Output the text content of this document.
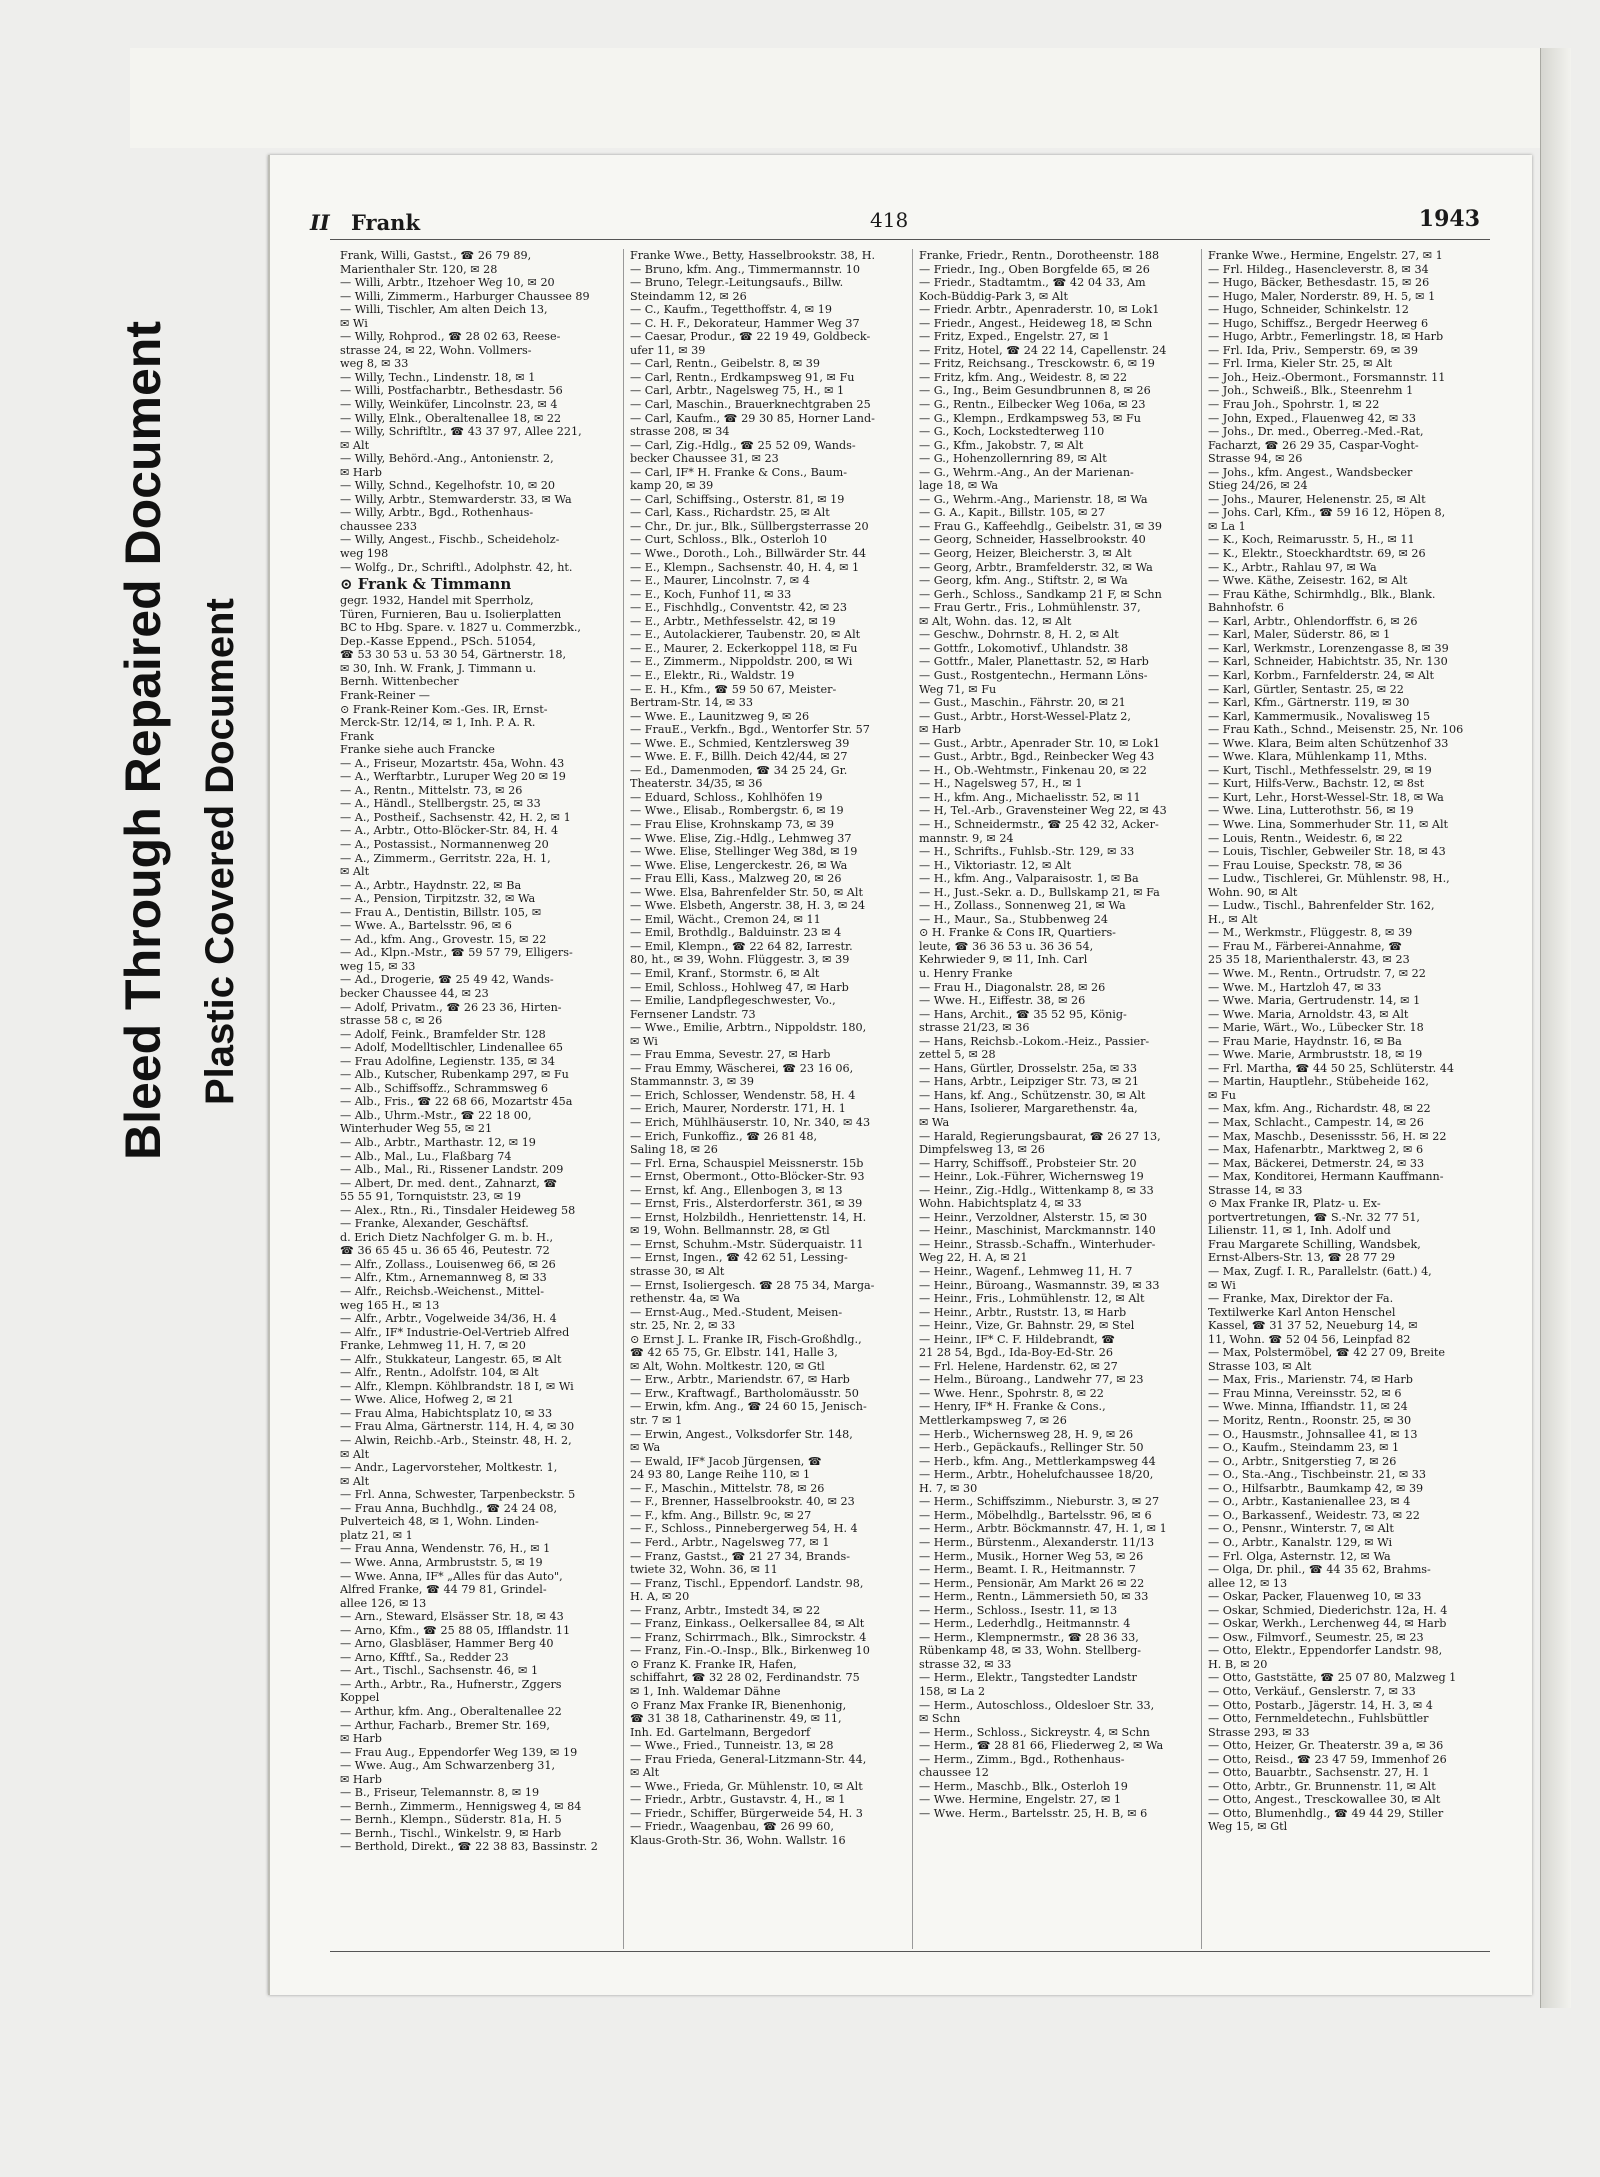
Bleed Through Repaired Document Plastic Covered Document
II Frank	418	1943
Frank, Willi, Gastst., ☎ 26 79 89,
Marienthaler Str. 120, ✉ 28
— Willi, Arbtr., Itzehoer Weg 10, ✉ 20
— Willi, Zimmerm., Harburger Chaussee 89
— Willi, Tischler, Am alten Deich 13,
✉ Wi
— Willy, Rohprod., ☎ 28 02 63, Reese-
strasse 24, ✉ 22, Wohn. Vollmers-
weg 8, ✉ 33
— Willy, Techn., Lindenstr. 18, ✉ 1
— Willi, Postfacharbtr., Bethesdastr. 56
— Willy, Weinküfer, Lincolnstr. 23, ✉ 4
— Willy, Elnk., Oberaltenallee 18, ✉ 22
— Willy, Schriftltr., ☎ 43 37 97, Allee 221,
✉ Alt
— Willy, Behörd.-Ang., Antonienstr. 2,
✉ Harb
— Willy, Schnd., Kegelhofstr. 10, ✉ 20
— Willy, Arbtr., Stemwarderstr. 33, ✉ Wa
— Willy, Arbtr., Bgd., Rothenhaus-
chaussee 233
— Willy, Angest., Fischb., Scheideholz-
weg 198
— Wolfg., Dr., Schriftl., Adolphstr. 42, ht.
⊙ Frank & Timmann
gegr. 1932, Handel mit Sperrholz,
Türen, Furnieren, Bau u. Isolierplatten
BC to Hbg. Spare. v. 1827 u. Commerzbk.,
Dep.-Kasse Eppend., PSch. 51054,
☎ 53 30 53 u. 53 30 54, Gärtnerstr. 18,
✉ 30, Inh. W. Frank, J. Timmann u.
Bernh. Wittenbecher
Frank-Reiner —
⊙ Frank-Reiner Kom.-Ges. IR, Ernst-
Merck-Str. 12/14, ✉ 1, Inh. P. A. R.
Frank
Franke siehe auch Francke
— A., Friseur, Mozartstr. 45a, Wohn. 43
— A., Werftarbtr., Luruper Weg 20 ✉ 19
— A., Rentn., Mittelstr. 73, ✉ 26
— A., Händl., Stellbergstr. 25, ✉ 33
— A., Postheif., Sachsenstr. 42, H. 2, ✉ 1
— A., Arbtr., Otto-Blöcker-Str. 84, H. 4
— A., Postassist., Normannenweg 20
— A., Zimmerm., Gerritstr. 22a, H. 1,
✉ Alt
— A., Arbtr., Haydnstr. 22, ✉ Ba
— A., Pension, Tirpitzstr. 32, ✉ Wa
— Frau A., Dentistin, Billstr. 105, ✉
— Wwe. A., Bartelsstr. 96, ✉ 6
— Ad., kfm. Ang., Grovestr. 15, ✉ 22
— Ad., Klpn.-Mstr., ☎ 59 57 79, Elligers-
weg 15, ✉ 33
— Ad., Drogerie, ☎ 25 49 42, Wands-
becker Chaussee 44, ✉ 23
— Adolf, Privatm., ☎ 26 23 36, Hirten-
strasse 58 c, ✉ 26
— Adolf, Feink., Bramfelder Str. 128
— Adolf, Modelltischler, Lindenallee 65
— Frau Adolfine, Legienstr. 135, ✉ 34
— Alb., Kutscher, Rubenkamp 297, ✉ Fu
— Alb., Schiffsoffz., Schrammsweg 6
— Alb., Fris., ☎ 22 68 66, Mozartstr 45a
— Alb., Uhrm.-Mstr., ☎ 22 18 00,
Winterhuder Weg 55, ✉ 21
— Alb., Arbtr., Marthastr. 12, ✉ 19
— Alb., Mal., Lu., Flaßbarg 74
— Alb., Mal., Ri., Rissener Landstr. 209
— Albert, Dr. med. dent., Zahnarzt, ☎
55 55 91, Tornquiststr. 23, ✉ 19
— Alex., Rtn., Ri., Tinsdaler Heideweg 58
— Franke, Alexander, Geschäftsf.
d. Erich Dietz Nachfolger G. m. b. H.,
☎ 36 65 45 u. 36 65 46, Peutestr. 72
— Alfr., Zollass., Louisenweg 66, ✉ 26
— Alfr., Ktm., Arnemannweg 8, ✉ 33
— Alfr., Reichsb.-Weichenst., Mittel-
weg 165 H., ✉ 13
— Alfr., Arbtr., Vogelweide 34/36, H. 4
— Alfr., IF* Industrie-Oel-Vertrieb Alfred
Franke, Lehmweg 11, H. 7, ✉ 20
— Alfr., Stukkateur, Langestr. 65, ✉ Alt
— Alfr., Rentn., Adolfstr. 104, ✉ Alt
— Alfr., Klempn. Köhlbrandstr. 18 I, ✉ Wi
— Wwe. Alice, Hofweg 2, ✉ 21
— Frau Alma, Habichtsplatz 10, ✉ 33
— Frau Alma, Gärtnerstr. 114, H. 4, ✉ 30
— Alwin, Reichb.-Arb., Steinstr. 48, H. 2,
✉ Alt
— Andr., Lagervorsteher, Moltkestr. 1,
✉ Alt
— Frl. Anna, Schwester, Tarpenbeckstr. 5
— Frau Anna, Buchhdlg., ☎ 24 24 08,
Pulverteich 48, ✉ 1, Wohn. Linden-
platz 21, ✉ 1
— Frau Anna, Wendenstr. 76, H., ✉ 1
— Wwe. Anna, Armbruststr. 5, ✉ 19
— Wwe. Anna, IF* „Alles für das Auto",
Alfred Franke, ☎ 44 79 81, Grindel-
allee 126, ✉ 13
— Arn., Steward, Elsässer Str. 18, ✉ 43
— Arno, Kfm., ☎ 25 88 05, Ifflandstr. 11
— Arno, Glasbläser, Hammer Berg 40
— Arno, Kfftf., Sa., Redder 23
— Art., Tischl., Sachsenstr. 46, ✉ 1
— Arth., Arbtr., Ra., Hufnerstr., Zggers
Koppel
— Arthur, kfm. Ang., Oberaltenallee 22
— Arthur, Facharb., Bremer Str. 169,
✉ Harb
— Frau Aug., Eppendorfer Weg 139, ✉ 19
— Wwe. Aug., Am Schwarzenberg 31,
✉ Harb
— B., Friseur, Telemannstr. 8, ✉ 19
— Bernh., Zimmerm., Hennigsweg 4, ✉ 84
— Bernh., Klempn., Süderstr. 81a, H. 5
— Bernh., Tischl., Winkelstr. 9, ✉ Harb
— Berthold, Direkt., ☎ 22 38 83, Bassinstr. 2
Franke Wwe., Betty, Hasselbrookstr. 38, H.
— Bruno, kfm. Ang., Timmermannstr. 10
— Bruno, Telegr.-Leitungsaufs., Billw.
Steindamm 12, ✉ 26
— C., Kaufm., Tegetthoffstr. 4, ✉ 19
— C. H. F., Dekorateur, Hammer Weg 37
— Caesar, Produr., ☎ 22 19 49, Goldbeck-
ufer 11, ✉ 39
— Carl, Rentn., Geibelstr. 8, ✉ 39
— Carl, Rentn., Erdkampsweg 91, ✉ Fu
— Carl, Arbtr., Nagelsweg 75, H., ✉ 1
— Carl, Maschin., Brauerknechtgraben 25
— Carl, Kaufm., ☎ 29 30 85, Horner Land-
strasse 208, ✉ 34
— Carl, Zig.-Hdlg., ☎ 25 52 09, Wands-
becker Chaussee 31, ✉ 23
— Carl, IF* H. Franke & Cons., Baum-
kamp 20, ✉ 39
— Carl, Schiffsing., Osterstr. 81, ✉ 19
— Carl, Kass., Richardstr. 25, ✉ Alt
— Chr., Dr. jur., Blk., Süllbergsterrasse 20
— Curt, Schloss., Blk., Osterloh 10
— Wwe., Doroth., Loh., Billwärder Str. 44
— E., Klempn., Sachsenstr. 40, H. 4, ✉ 1
— E., Maurer, Lincolnstr. 7, ✉ 4
— E., Koch, Funhof 11, ✉ 33
— E., Fischhdlg., Conventstr. 42, ✉ 23
— E., Arbtr., Methfesselstr. 42, ✉ 19
— E., Autolackierer, Taubenstr. 20, ✉ Alt
— E., Maurer, 2. Eckerkoppel 118, ✉ Fu
— E., Zimmerm., Nippoldstr. 200, ✉ Wi
— E., Elektr., Ri., Waldstr. 19
— E. H., Kfm., ☎ 59 50 67, Meister-
Bertram-Str. 14, ✉ 33
— Wwe. E., Launitzweg 9, ✉ 26
— FrauE., Verkfn., Bgd., Wentorfer Str. 57
— Wwe. E., Schmied, Kentzlersweg 39
— Wwe. E. F., Billh. Deich 42/44, ✉ 27
— Ed., Damenmoden, ☎ 34 25 24, Gr.
Theaterstr. 34/35, ✉ 36
— Eduard, Schloss., Kohlhöfen 19
— Wwe., Elisab., Rombergstr. 6, ✉ 19
— Frau Elise, Krohnskamp 73, ✉ 39
— Wwe. Elise, Zig.-Hdlg., Lehmweg 37
— Wwe. Elise, Stellinger Weg 38d, ✉ 19
— Wwe. Elise, Lengerckestr. 26, ✉ Wa
— Frau Elli, Kass., Malzweg 20, ✉ 26
— Wwe. Elsa, Bahrenfelder Str. 50, ✉ Alt
— Wwe. Elsbeth, Angerstr. 38, H. 3, ✉ 24
— Emil, Wächt., Cremon 24, ✉ 11
— Emil, Brothdlg., Balduinstr. 23 ✉ 4
— Emil, Klempn., ☎ 22 64 82, Iarrestr.
80, ht., ✉ 39, Wohn. Flüggestr. 3, ✉ 39
— Emil, Kranf., Stormstr. 6, ✉ Alt
— Emil, Schloss., Hohlweg 47, ✉ Harb
— Emilie, Landpflegeschwester, Vo.,
Fernsener Landstr. 73
— Wwe., Emilie, Arbtrn., Nippoldstr. 180,
✉ Wi
— Frau Emma, Sevestr. 27, ✉ Harb
— Frau Emmy, Wäscherei, ☎ 23 16 06,
Stammannstr. 3, ✉ 39
— Erich, Schlosser, Wendenstr. 58, H. 4
— Erich, Maurer, Norderstr. 171, H. 1
— Erich, Mühlhäuserstr. 10, Nr. 340, ✉ 43
— Erich, Funkoffiz., ☎ 26 81 48,
Saling 18, ✉ 26
— Frl. Erna, Schauspiel Meissnerstr. 15b
— Ernst, Obermont., Otto-Blöcker-Str. 93
— Ernst, kf. Ang., Ellenbogen 3, ✉ 13
— Ernst, Fris., Alsterdorferstr. 361, ✉ 39
— Ernst, Holzbildh., Henriettenstr. 14, H.
✉ 19, Wohn. Bellmannstr. 28, ✉ Gtl
— Ernst, Schuhm.-Mstr. Süderquaistr. 11
— Ernst, Ingen., ☎ 42 62 51, Lessing-
strasse 30, ✉ Alt
— Ernst, Isoliergesch. ☎ 28 75 34, Marga-
rethenstr. 4a, ✉ Wa
— Ernst-Aug., Med.-Student, Meisen-
str. 25, Nr. 2, ✉ 33
⊙ Ernst J. L. Franke IR, Fisch-Großhdlg.,
☎ 42 65 75, Gr. Elbstr. 141, Halle 3,
✉ Alt, Wohn. Moltkestr. 120, ✉ Gtl
— Erw., Arbtr., Mariendstr. 67, ✉ Harb
— Erw., Kraftwagf., Bartholomäusstr. 50
— Erwin, kfm. Ang., ☎ 24 60 15, Jenisch-
str. 7 ✉ 1
— Erwin, Angest., Volksdorfer Str. 148,
✉ Wa
— Ewald, IF* Jacob Jürgensen, ☎
24 93 80, Lange Reihe 110, ✉ 1
— F., Maschin., Mittelstr. 78, ✉ 26
— F., Brenner, Hasselbrookstr. 40, ✉ 23
— F., kfm. Ang., Billstr. 9c, ✉ 27
— F., Schloss., Pinnebergerweg 54, H. 4
— Ferd., Arbtr., Nagelsweg 77, ✉ 1
— Franz, Gastst., ☎ 21 27 34, Brands-
twiete 32, Wohn. 36, ✉ 11
— Franz, Tischl., Eppendorf. Landstr. 98,
H. A, ✉ 20
— Franz, Arbtr., Imstedt 34, ✉ 22
— Franz, Einkass., Oelkersallee 84, ✉ Alt
— Franz, Schirrmach., Blk., Simrockstr. 4
— Franz, Fin.-O.-Insp., Blk., Birkenweg 10
⊙ Franz K. Franke IR, Hafen,
schiffahrt, ☎ 32 28 02, Ferdinandstr. 75
✉ 1, Inh. Waldemar Dähne
⊙ Franz Max Franke IR, Bienenhonig,
☎ 31 38 18, Catharinenstr. 49, ✉ 11,
Inh. Ed. Gartelmann, Bergedorf
— Wwe., Fried., Tunneistr. 13, ✉ 28
— Frau Frieda, General-Litzmann-Str. 44,
✉ Alt
— Wwe., Frieda, Gr. Mühlenstr. 10, ✉ Alt
— Friedr., Arbtr., Gustavstr. 4, H., ✉ 1
— Friedr., Schiffer, Bürgerweide 54, H. 3
— Friedr., Waagenbau, ☎ 26 99 60,
Klaus-Groth-Str. 36, Wohn. Wallstr. 16
Franke, Friedr., Rentn., Dorotheenstr. 188
— Friedr., Ing., Oben Borgfelde 65, ✉ 26
— Friedr., Stadtamtm., ☎ 42 04 33, Am
Koch-Büddig-Park 3, ✉ Alt
— Friedr. Arbtr., Apenraderstr. 10, ✉ Lok1
— Friedr., Angest., Heideweg 18, ✉ Schn
— Fritz, Exped., Engelstr. 27, ✉ 1
— Fritz, Hotel, ☎ 24 22 14, Capellenstr. 24
— Fritz, Reichsang., Tresckowstr. 6, ✉ 19
— Fritz, kfm. Ang., Weidestr. 8, ✉ 22
— G., Ing., Beim Gesundbrunnen 8, ✉ 26
— G., Rentn., Eilbecker Weg 106a, ✉ 23
— G., Klempn., Erdkampsweg 53, ✉ Fu
— G., Koch, Lockstedterweg 110
— G., Kfm., Jakobstr. 7, ✉ Alt
— G., Hohenzollernring 89, ✉ Alt
— G., Wehrm.-Ang., An der Marienan-
lage 18, ✉ Wa
— G., Wehrm.-Ang., Marienstr. 18, ✉ Wa
— G. A., Kapit., Billstr. 105, ✉ 27
— Frau G., Kaffeehdlg., Geibelstr. 31, ✉ 39
— Georg, Schneider, Hasselbrookstr. 40
— Georg, Heizer, Bleicherstr. 3, ✉ Alt
— Georg, Arbtr., Bramfelderstr. 32, ✉ Wa
— Georg, kfm. Ang., Stiftstr. 2, ✉ Wa
— Gerh., Schloss., Sandkamp 21 F, ✉ Schn
— Frau Gertr., Fris., Lohmühlenstr. 37,
✉ Alt, Wohn. das. 12, ✉ Alt
— Geschw., Dohrnstr. 8, H. 2, ✉ Alt
— Gottfr., Lokomotivf., Uhlandstr. 38
— Gottfr., Maler, Planettastr. 52, ✉ Harb
— Gust., Rostgentechn., Hermann Löns-
Weg 71, ✉ Fu
— Gust., Maschin., Fährstr. 20, ✉ 21
— Gust., Arbtr., Horst-Wessel-Platz 2,
✉ Harb
— Gust., Arbtr., Apenrader Str. 10, ✉ Lok1
— Gust., Arbtr., Bgd., Reinbecker Weg 43
— H., Ob.-Wehtmstr., Finkenau 20, ✉ 22
— H., Nagelsweg 57, H., ✉ 1
— H., kfm. Ang., Michaelisstr. 52, ✉ 11
— H, Tel.-Arb., Gravensteiner Weg 22, ✉ 43
— H., Schneidermstr., ☎ 25 42 32, Acker-
mannstr. 9, ✉ 24
— H., Schrifts., Fuhlsb.-Str. 129, ✉ 33
— H., Viktoriastr. 12, ✉ Alt
— H., kfm. Ang., Valparaisostr. 1, ✉ Ba
— H., Just.-Sekr. a. D., Bullskamp 21, ✉ Fa
— H., Zollass., Sonnenweg 21, ✉ Wa
— H., Maur., Sa., Stubbenweg 24
⊙ H. Franke & Cons IR, Quartiers-
leute, ☎ 36 36 53 u. 36 36 54,
Kehrwieder 9, ✉ 11, Inh. Carl
u. Henry Franke
— Frau H., Diagonalstr. 28, ✉ 26
— Wwe. H., Eiffestr. 38, ✉ 26
— Hans, Archit., ☎ 35 52 95, König-
strasse 21/23, ✉ 36
— Hans, Reichsb.-Lokom.-Heiz., Passier-
zettel 5, ✉ 28
— Hans, Gürtler, Drosselstr. 25a, ✉ 33
— Hans, Arbtr., Leipziger Str. 73, ✉ 21
— Hans, kf. Ang., Schützenstr. 30, ✉ Alt
— Hans, Isolierer, Margarethenstr. 4a,
✉ Wa
— Harald, Regierungsbaurat, ☎ 26 27 13,
Dimpfelsweg 13, ✉ 26
— Harry, Schiffsoff., Probsteier Str. 20
— Heinr., Lok.-Führer, Wichernsweg 19
— Heinr., Zig.-Hdlg., Wittenkamp 8, ✉ 33
Wohn. Habichtsplatz 4, ✉ 33
— Heinr., Verzoldner, Alsterstr. 15, ✉ 30
— Heinr., Maschinist, Marckmannstr. 140
— Heinr., Strassb.-Schaffn., Winterhuder-
Weg 22, H. A, ✉ 21
— Heinr., Wagenf., Lehmweg 11, H. 7
— Heinr., Büroang., Wasmannstr. 39, ✉ 33
— Heinr., Fris., Lohmühlenstr. 12, ✉ Alt
— Heinr., Arbtr., Ruststr. 13, ✉ Harb
— Heinr., Vize, Gr. Bahnstr. 29, ✉ Stel
— Heinr., IF* C. F. Hildebrandt, ☎
21 28 54, Bgd., Ida-Boy-Ed-Str. 26
— Frl. Helene, Hardenstr. 62, ✉ 27
— Helm., Büroang., Landwehr 77, ✉ 23
— Wwe. Henr., Spohrstr. 8, ✉ 22
— Henry, IF* H. Franke & Cons.,
Mettlerkampsweg 7, ✉ 26
— Herb., Wichernsweg 28, H. 9, ✉ 26
— Herb., Gepäckaufs., Rellinger Str. 50
— Herb., kfm. Ang., Mettlerkampsweg 44
— Herm., Arbtr., Hohelufchaussee 18/20,
H. 7, ✉ 30
— Herm., Schiffszimm., Nieburstr. 3, ✉ 27
— Herm., Möbelhdlg., Bartelsstr. 96, ✉ 6
— Herm., Arbtr. Böckmannstr. 47, H. 1, ✉ 1
— Herm., Bürstenm., Alexanderstr. 11/13
— Herm., Musik., Horner Weg 53, ✉ 26
— Herm., Beamt. I. R., Heitmannstr. 7
— Herm., Pensionär, Am Markt 26 ✉ 22
— Herm., Rentn., Lämmersieth 50, ✉ 33
— Herm., Schloss., Isestr. 11, ✉ 13
— Herm., Lederhdlg., Heitmannstr. 4
— Herm., Klempnermstr., ☎ 28 36 33,
Rübenkamp 48, ✉ 33, Wohn. Stellberg-
strasse 32, ✉ 33
— Herm., Elektr., Tangstedter Landstr
158, ✉ La 2
— Herm., Autoschloss., Oldesloer Str. 33,
✉ Schn
— Herm., Schloss., Sickreystr. 4, ✉ Schn
— Herm., ☎ 28 81 66, Fliederweg 2, ✉ Wa
— Herm., Zimm., Bgd., Rothenhaus-
chaussee 12
— Herm., Maschb., Blk., Osterloh 19
— Wwe. Hermine, Engelstr. 27, ✉ 1
— Wwe. Herm., Bartelsstr. 25, H. B, ✉ 6
Franke Wwe., Hermine, Engelstr. 27, ✉ 1
— Frl. Hildeg., Hasencleverstr. 8, ✉ 34
— Hugo, Bäcker, Bethesdastr. 15, ✉ 26
— Hugo, Maler, Norderstr. 89, H. 5, ✉ 1
— Hugo, Schneider, Schinkelstr. 12
— Hugo, Schiffsz., Bergedr Heerweg 6
— Hugo, Arbtr., Femerlingstr. 18, ✉ Harb
— Frl. Ida, Priv., Semperstr. 69, ✉ 39
— Frl. Irma, Kieler Str. 25, ✉ Alt
— Joh., Heiz.-Obermont., Forsmannstr. 11
— Joh., Schweiß., Blk., Steenrehm 1
— Frau Joh., Spohrstr. 1, ✉ 22
— John, Exped., Flauenweg 42, ✉ 33
— Johs., Dr. med., Oberreg.-Med.-Rat,
Facharzt, ☎ 26 29 35, Caspar-Voght-
Strasse 94, ✉ 26
— Johs., kfm. Angest., Wandsbecker
Stieg 24/26, ✉ 24
— Johs., Maurer, Helenenstr. 25, ✉ Alt
— Johs. Carl, Kfm., ☎ 59 16 12, Höpen 8,
✉ La 1
— K., Koch, Reimarusstr. 5, H., ✉ 11
— K., Elektr., Stoeckhardtstr. 69, ✉ 26
— K., Arbtr., Rahlau 97, ✉ Wa
— Wwe. Käthe, Zeisestr. 162, ✉ Alt
— Frau Käthe, Schirmhdlg., Blk., Blank.
Bahnhofstr. 6
— Karl, Arbtr., Ohlendorffstr. 6, ✉ 26
— Karl, Maler, Süderstr. 86, ✉ 1
— Karl, Werkmstr., Lorenzengasse 8, ✉ 39
— Karl, Schneider, Habichtstr. 35, Nr. 130
— Karl, Korbm., Farnfelderstr. 24, ✉ Alt
— Karl, Gürtler, Sentastr. 25, ✉ 22
— Karl, Kfm., Gärtnerstr. 119, ✉ 30
— Karl, Kammermusik., Novalisweg 15
— Frau Kath., Schnd., Meisenstr. 25, Nr. 106
— Wwe. Klara, Beim alten Schützenhof 33
— Wwe. Klara, Mühlenkamp 11, Mths.
— Kurt, Tischl., Methfesselstr. 29, ✉ 19
— Kurt, Hilfs-Verw., Bachstr. 12, ✉ 8st
— Kurt, Lehr., Horst-Wessel-Str. 18, ✉ Wa
— Wwe. Lina, Lutterothstr. 56, ✉ 19
— Wwe. Lina, Sommerhuder Str. 11, ✉ Alt
— Louis, Rentn., Weidestr. 6, ✉ 22
— Louis, Tischler, Gebweiler Str. 18, ✉ 43
— Frau Louise, Speckstr. 78, ✉ 36
— Ludw., Tischlerei, Gr. Mühlenstr. 98, H.,
Wohn. 90, ✉ Alt
— Ludw., Tischl., Bahrenfelder Str. 162,
H., ✉ Alt
— M., Werkmstr., Flüggestr. 8, ✉ 39
— Frau M., Färberei-Annahme, ☎
25 35 18, Marienthalerstr. 43, ✉ 23
— Wwe. M., Rentn., Ortrudstr. 7, ✉ 22
— Wwe. M., Hartzloh 47, ✉ 33
— Wwe. Maria, Gertrudenstr. 14, ✉ 1
— Wwe. Maria, Arnoldstr. 43, ✉ Alt
— Marie, Wärt., Wo., Lübecker Str. 18
— Frau Marie, Haydnstr. 16, ✉ Ba
— Wwe. Marie, Armbruststr. 18, ✉ 19
— Frl. Martha, ☎ 44 50 25, Schlüterstr. 44
— Martin, Hauptlehr., Stübeheide 162,
✉ Fu
— Max, kfm. Ang., Richardstr. 48, ✉ 22
— Max, Schlacht., Campestr. 14, ✉ 26
— Max, Maschb., Desenissstr. 56, H. ✉ 22
— Max, Hafenarbtr., Marktweg 2, ✉ 6
— Max, Bäckerei, Detmerstr. 24, ✉ 33
— Max, Konditorei, Hermann Kauffmann-
Strasse 14, ✉ 33
⊙ Max Franke IR, Platz- u. Ex-
portvertretungen, ☎ S.-Nr. 32 77 51,
Lilienstr. 11, ✉ 1, Inh. Adolf und
Frau Margarete Schilling, Wandsbek,
Ernst-Albers-Str. 13, ☎ 28 77 29
— Max, Zugf. I. R., Parallelstr. (6att.) 4,
✉ Wi
— Franke, Max, Direktor der Fa.
Textilwerke Karl Anton Henschel
Kassel, ☎ 31 37 52, Neueburg 14, ✉
11, Wohn. ☎ 52 04 56, Leinpfad 82
— Max, Polstermöbel, ☎ 42 27 09, Breite
Strasse 103, ✉ Alt
— Max, Fris., Marienstr. 74, ✉ Harb
— Frau Minna, Vereinsstr. 52, ✉ 6
— Wwe. Minna, Iffiandstr. 11, ✉ 24
— Moritz, Rentn., Roonstr. 25, ✉ 30
— O., Hausmstr., Johnsallee 41, ✉ 13
— O., Kaufm., Steindamm 23, ✉ 1
— O., Arbtr., Snitgerstieg 7, ✉ 26
— O., Sta.-Ang., Tischbeinstr. 21, ✉ 33
— O., Hilfsarbtr., Baumkamp 42, ✉ 39
— O., Arbtr., Kastanienallee 23, ✉ 4
— O., Barkassenf., Weidestr. 73, ✉ 22
— O., Pensnr., Winterstr. 7, ✉ Alt
— O., Arbtr., Kanalstr. 129, ✉ Wi
— Frl. Olga, Asternstr. 12, ✉ Wa
— Olga, Dr. phil., ☎ 44 35 62, Brahms-
allee 12, ✉ 13
— Oskar, Packer, Flauenweg 10, ✉ 33
— Oskar, Schmied, Diederichstr. 12a, H. 4
— Oskar, Werkh., Lerchenweg 44, ✉ Harb
— Osw., Filmvorf., Seumestr. 25, ✉ 23
— Otto, Elektr., Eppendorfer Landstr. 98,
H. B, ✉ 20
— Otto, Gaststätte, ☎ 25 07 80, Malzweg 1
— Otto, Verkäuf., Genslerstr. 7, ✉ 33
— Otto, Postarb., Jägerstr. 14, H. 3, ✉ 4
— Otto, Fernmeldetechn., Fuhlsbüttler
Strasse 293, ✉ 33
— Otto, Heizer, Gr. Theaterstr. 39 a, ✉ 36
— Otto, Reisd., ☎ 23 47 59, Immenhof 26
— Otto, Bauarbtr., Sachsenstr. 27, H. 1
— Otto, Arbtr., Gr. Brunnenstr. 11, ✉ Alt
— Otto, Angest., Tresckowallee 30, ✉ Alt
— Otto, Blumenhdlg., ☎ 49 44 29, Stiller
Weg 15, ✉ Gtl
